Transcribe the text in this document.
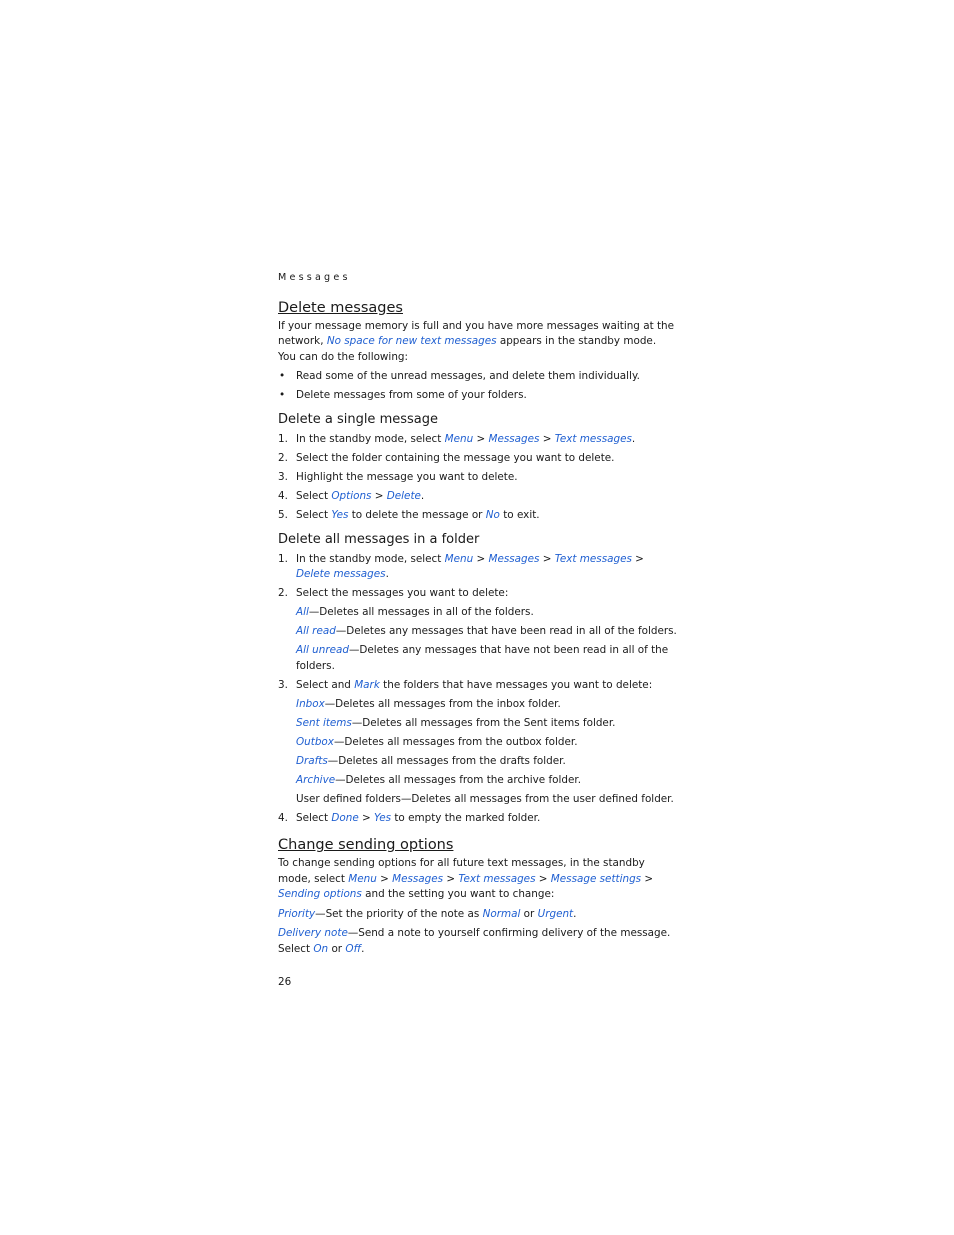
Messages
Delete messages

If your message memory is full and you have more messages waiting at the network, No space for new text messages appears in the standby mode.

You can do the following:

• Read some of the unread messages, and delete them individually.
• Delete messages from some of your folders.
Delete a single message
1. In the standby mode, select Menu > Messages > Text messages.
2. Select the folder containing the message you want to delete.
3. Highlight the message you want to delete.
4. Select Options > Delete.
5. Select Yes to delete the message or No to exit.
Delete all messages in a folder
1. In the standby mode, select Menu > Messages > Text messages >
Delete messages.
2. Select the messages you want to delete:
All—Deletes all messages in all of the folders.
All read—Deletes any messages that have been read in all of the folders.
All unread—Deletes any messages that have not been read in all of the folders.
3. Select and Mark the folders that have messages you want to delete:
Inbox—Deletes all messages from the inbox folder.
Sent items—Deletes all messages from the Sent items folder.
Outbox—Deletes all messages from the outbox folder.
Drafts—Deletes all messages from the drafts folder.
Archive—Deletes all messages from the archive folder.
User defined folders—Deletes all messages from the user defined folder.
4. Select Done > Yes to empty the marked folder.
Change sending options

To change sending options for all future text messages, in the standby mode, select Menu > Messages > Text messages > Message settings > Sending options and the setting you want to change:

Priority—Set the priority of the note as Normal or Urgent.

Delivery note—Send a note to yourself confirming delivery of the message.
Select On or Off.

26
